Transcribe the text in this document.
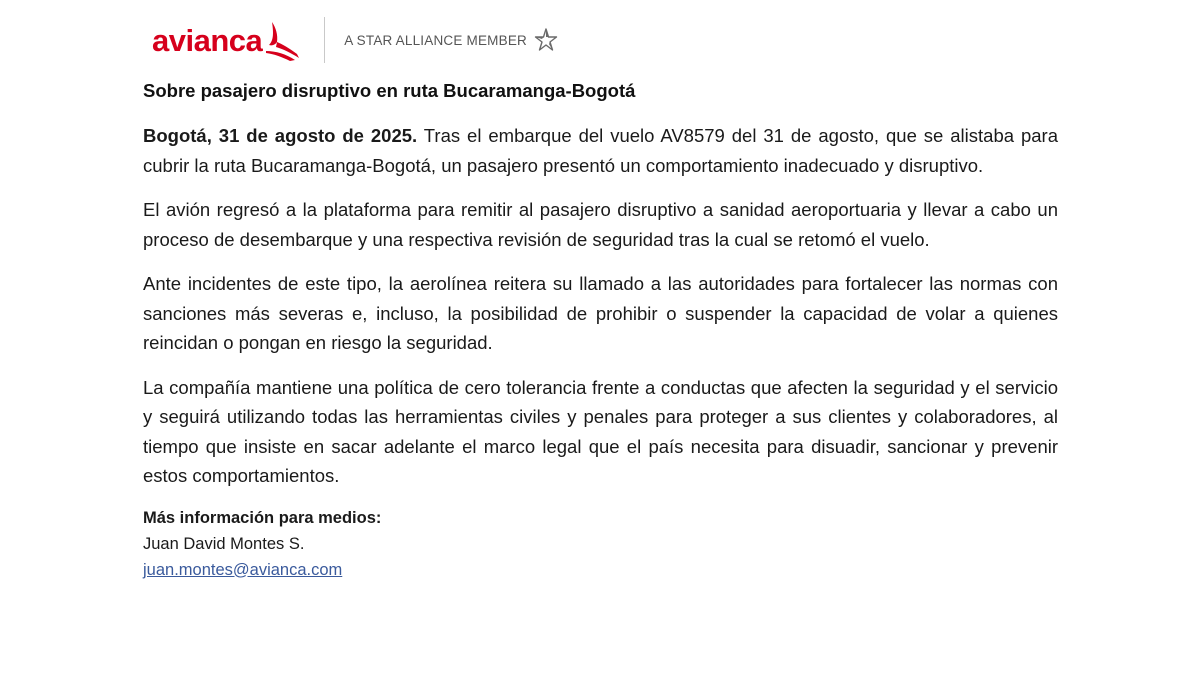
avianca	A STAR ALLIANCE MEMBER
Sobre pasajero disruptivo en ruta Bucaramanga-Bogotá

Bogotá, 31 de agosto de 2025. Tras el embarque del vuelo AV8579 del 31 de agosto, que se alistaba para cubrir la ruta Bucaramanga-Bogotá, un pasajero presentó un comportamiento inadecuado y disruptivo.

El avión regresó a la plataforma para remitir al pasajero disruptivo a sanidad aeroportuaria y llevar a cabo un proceso de desembarque y una respectiva revisión de seguridad tras la cual se retomó el vuelo.

Ante incidentes de este tipo, la aerolínea reitera su llamado a las autoridades para fortalecer las normas con sanciones más severas e, incluso, la posibilidad de prohibir o suspender la capacidad de volar a quienes reincidan o pongan en riesgo la seguridad.

La compañía mantiene una política de cero tolerancia frente a conductas que afecten la seguridad y el servicio y seguirá utilizando todas las herramientas civiles y penales para proteger a sus clientes y colaboradores, al tiempo que insiste en sacar adelante el marco legal que el país necesita para disuadir, sancionar y prevenir estos comportamientos.

Más información para medios:
Juan David Montes S.
juan.montes@avianca.com
